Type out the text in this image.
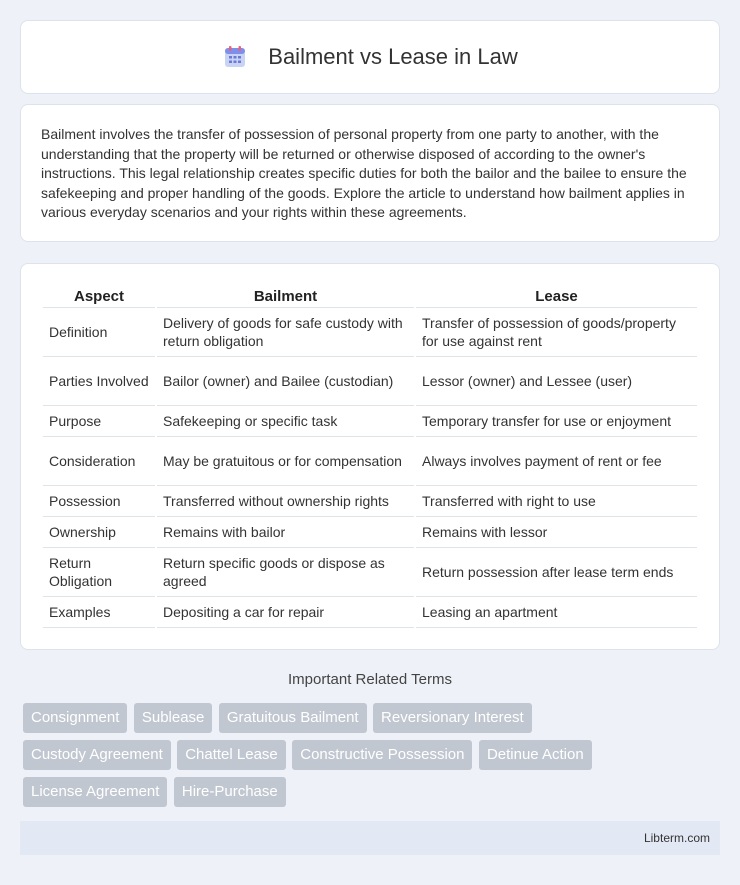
Bailment vs Lease in Law

Bailment involves the transfer of possession of personal property from one party to another, with the understanding that the property will be returned or otherwise disposed of according to the owner's instructions. This legal relationship creates specific duties for both the bailor and the bailee to ensure the safekeeping and proper handling of the goods. Explore the article to understand how bailment applies in various everyday scenarios and your rights within these agreements.

Aspect	Bailment	Lease
Definition	Delivery of goods for safe custody with return obligation	Transfer of possession of goods/property for use against rent
Parties Involved	Bailor (owner) and Bailee (custodian)	Lessor (owner) and Lessee (user)
Purpose	Safekeeping or specific task	Temporary transfer for use or enjoyment
Consideration	May be gratuitous or for compensation	Always involves payment of rent or fee
Possession	Transferred without ownership rights	Transferred with right to use
Ownership	Remains with bailor	Remains with lessor
Return Obligation	Return specific goods or dispose as agreed	Return possession after lease term ends
Examples	Depositing a car for repair	Leasing an apartment
Important Related Terms
Consignment Sublease Gratuitous Bailment Reversionary Interest
Custody Agreement Chattel Lease Constructive Possession Detinue Action
License Agreement Hire-Purchase
Libterm.com
